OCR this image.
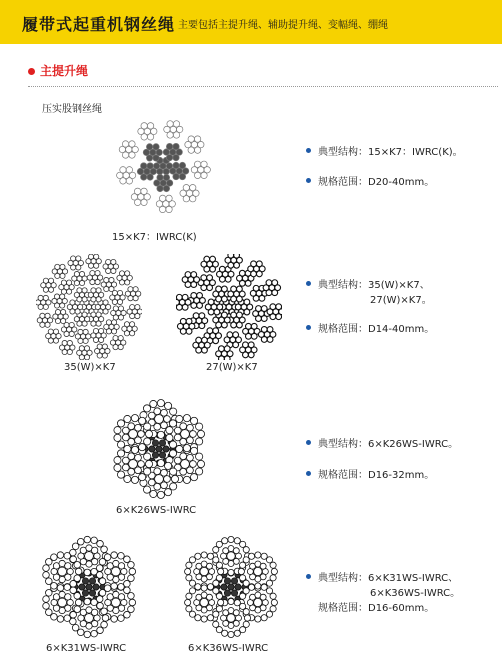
履带式起重机钢丝绳 主要包括主提升绳、辅助提升绳、变幅绳、绷绳
主提升绳
压实股钢丝绳
15×K7：IWRC(K)
35(W)×K7	27(W)×K7
6×K26WS-IWRC
6×K31WS-IWRC	6×K36WS-IWRC
典型结构：15×K7：IWRC(K)。
规格范围：D20-40mm。
典型结构：35(W)×K7、
27(W)×K7。
规格范围：D14-40mm。
典型结构：6×K26WS-IWRC。
规格范围：D16-32mm。
典型结构：6×K31WS-IWRC、
6×K36WS-IWRC。
规格范围：D16-60mm。
